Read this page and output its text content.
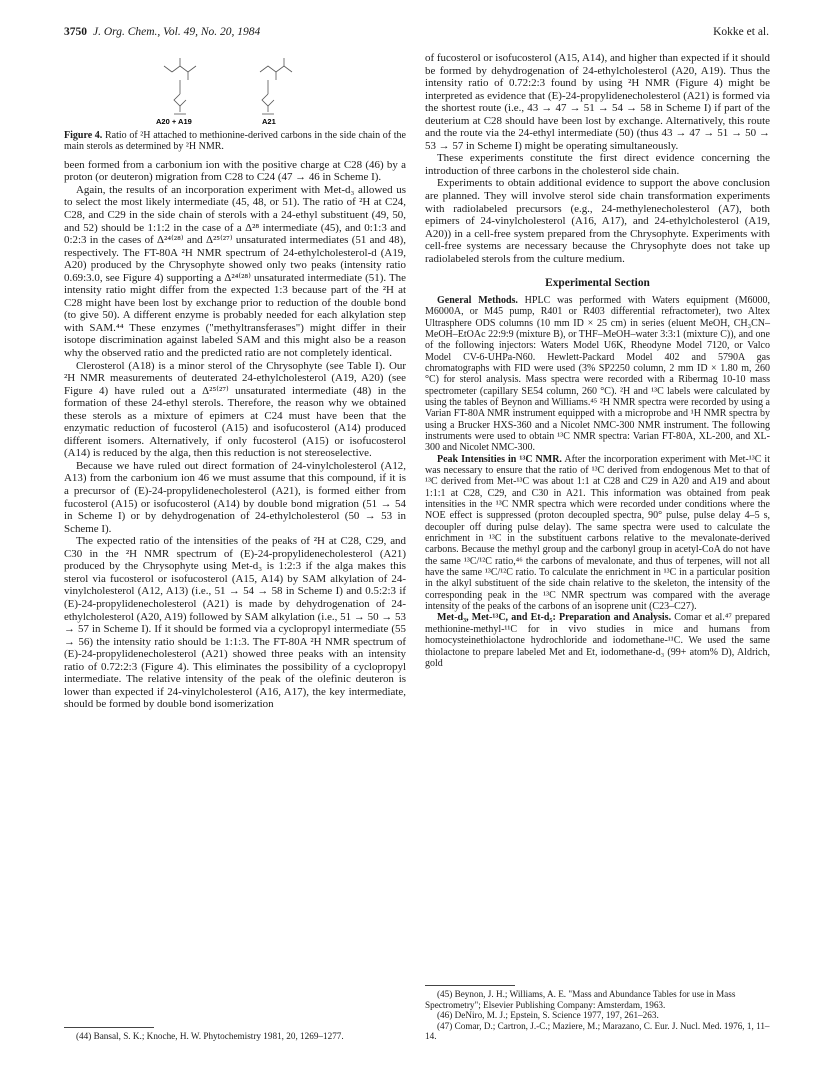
3750 J. Org. Chem., Vol. 49, No. 20, 1984	Kokke et al.
A20 + A19	A21

Figure 4. Ratio of ²H attached to methionine-derived carbons in the side chain of the main sterols as determined by ²H NMR.

been formed from a carbonium ion with the positive charge at C28 (46) by a proton (or deuteron) migration from C28 to C24 (47 → 46 in Scheme I).

Again, the results of an incorporation experiment with Met-d₃ allowed us to select the most likely intermediate (45, 48, or 51). The ratio of ²H at C24, C28, and C29 in the side chain of sterols with a 24-ethyl substituent (49, 50, and 52) should be 1:1:2 in the case of a Δ²⁸ intermediate (45), and 0:1:3 and 0:2:3 in the cases of Δ²⁴⁽²⁸⁾ and Δ²⁵⁽²⁷⁾ unsaturated intermediates (51 and 48), respectively. The FT-80A ²H NMR spectrum of 24-ethylcholesterol-d (A19, A20) produced by the Chrysophyte showed only two peaks (intensity ratio 0.69:3.0, see Figure 4) supporting a Δ²⁴⁽²⁸⁾ unsaturated intermediate (51). The intensity ratio might differ from the expected 1:3 because part of the ²H at C28 might have been lost by exchange prior to reduction of the double bond (to give 50). A different enzyme is probably needed for each alkylation step with SAM.⁴⁴ These enzymes ("methyltransferases") might differ in their isotope discrimination against labeled SAM and this might also be a reason why the observed ratio and the predicted ratio are not completely identical.

Clerosterol (A18) is a minor sterol of the Chrysophyte (see Table I). Our ²H NMR measurements of deuterated 24-ethylcholesterol (A19, A20) (see Figure 4) have ruled out a Δ²⁵⁽²⁷⁾ unsaturated intermediate (48) in the formation of these 24-ethyl sterols. Therefore, the reason why we obtained these sterols as a mixture of epimers at C24 must have been that the enzymatic reduction of fucosterol (A15) and isofucosterol (A14) produced different isomers. Alternatively, if only fucosterol (A15) or isofucosterol (A14) is reduced by the alga, then this reduction is not stereoselective.

Because we have ruled out direct formation of 24-vinylcholesterol (A12, A13) from the carbonium ion 46 we must assume that this compound, if it is a precursor of (E)-24-propylidenecholesterol (A21), is formed either from fucosterol (A15) or isofucosterol (A14) by double bond migration (51 → 54 in Scheme I) or by dehydrogenation of 24-ethylcholesterol (50 → 53 in Scheme I).

The expected ratio of the intensities of the peaks of ²H at C28, C29, and C30 in the ²H NMR spectrum of (E)-24-propylidenecholesterol (A21) produced by the Chrysophyte using Met-d₃ is 1:2:3 if the alga makes this sterol via fucosterol or isofucosterol (A15, A14) by SAM alkylation of 24-vinylcholesterol (A12, A13) (i.e., 51 → 54 → 58 in Scheme I) and 0.5:2:3 if (E)-24-propylidenecholesterol (A21) is made by dehydrogenation of 24-ethylcholesterol (A20, A19) followed by SAM alkylation (i.e., 51 → 50 → 53 → 57 in Scheme I). If it should be formed via a cyclopropyl intermediate (55 → 56) the intensity ratio should be 1:1:3. The FT-80A ²H NMR spectrum of (E)-24-propylidenecholesterol (A21) showed three peaks with an intensity ratio of 0.72:2:3 (Figure 4). This eliminates the possibility of a cyclopropyl intermediate. The relative intensity of the peak of the olefinic deuteron is lower than expected if 24-vinylcholesterol (A16, A17), the key intermediate, should be formed by double bond isomerization

(44) Bansal, S. K.; Knoche, H. W. Phytochemistry 1981, 20, 1269–1277.

of fucosterol or isofucosterol (A15, A14), and higher than expected if it should be formed by dehydrogenation of 24-ethylcholesterol (A20, A19). Thus the intensity ratio of 0.72:2:3 found by using ²H NMR (Figure 4) might be interpreted as evidence that (E)-24-propylidenecholesterol (A21) is formed via the shortest route (i.e., 43 → 47 → 51 → 54 → 58 in Scheme I) if part of the deuterium at C28 should have been lost by exchange. Alternatively, this route and the route via the 24-ethyl intermediate (50) (thus 43 → 47 → 51 → 50 → 53 → 57 in Scheme I) might be operating simultaneously.

These experiments constitute the first direct evidence concerning the introduction of three carbons in the cholesterol side chain.

Experiments to obtain additional evidence to support the above conclusion are planned. They will involve sterol side chain transformation experiments with radiolabeled precursors (e.g., 24-methylenecholesterol (A7), both epimers of 24-vinylcholesterol (A16, A17), and 24-ethylcholesterol (A19, A20)) in a cell-free system prepared from the Chrysophyte. Experiments with cell-free systems are necessary because the Chrysophyte does not take up radiolabeled sterols from the culture medium.

Experimental Section

General Methods. HPLC was performed with Waters equipment (M6000, M6000A, or M45 pump, R401 or R403 differential refractometer), two Altex Ultrasphere ODS columns (10 mm ID × 25 cm) in series (eluent MeOH, CH₃CN–MeOH–EtOAc 22:9:9 (mixture B), or THF–MeOH–water 3:3:1 (mixture C)), and one of the following injectors: Waters Model U6K, Rheodyne Model 7120, or Valco Model CV-6-UHPa-N60. Hewlett-Packard Model 402 and 5790A gas chromatographs with FID were used (3% SP2250 column, 2 mm ID × 1.80 m, 260 °C) for sterol analysis. Mass spectra were recorded with a Ribermag 10-10 mass spectrometer (capillary SE54 column, 260 °C). ²H and ¹³C labels were calculated by using the tables of Beynon and Williams.⁴⁵ ²H NMR spectra were recorded by using a Varian FT-80A NMR instrument equipped with a microprobe and ¹H NMR spectra by using a Brucker HXS-360 and a Nicolet NMC-300 NMR instrument. The following instruments were used to obtain ¹³C NMR spectra: Varian FT-80A, XL-200, and XL-300 and Nicolet NMC-300.

Peak Intensities in ¹³C NMR. After the incorporation experiment with Met-¹³C it was necessary to ensure that the ratio of ¹³C derived from endogenous Met to that of ¹³C derived from Met-¹³C was about 1:1 at C28 and C29 in A20 and A19 and about 1:1:1 at C28, C29, and C30 in A21. This information was obtained from peak intensities in the ¹³C NMR spectra which were recorded under conditions where the NOE effect is suppressed (proton decoupled spectra, 90° pulse, pulse delay 4–5 s, decoupler off during pulse delay). The same spectra were used to calculate the enrichment in ¹³C in the substituent carbons relative to the mevalonate-derived carbons. Because the methyl group and the carbonyl group in acetyl-CoA do not have the same ¹³C/¹²C ratio,⁴⁶ the carbons of mevalonate, and thus of terpenes, will not all have the same ¹³C/¹²C ratio. To calculate the enrichment in ¹³C in a particular position in the alkyl substituent of the side chain relative to the skeleton, the intensity of the corresponding peak in the ¹³C NMR spectrum was compared with the average intensity of the peaks of the carbons of an isoprene unit (C23–C27).

Met-d₃, Met-¹³C, and Et-d₅: Preparation and Analysis. Comar et al.⁴⁷ prepared methionine-methyl-¹¹C for in vivo studies in mice and humans from homocysteinethiolactone hydrochloride and iodomethane-¹¹C. We used the same thiolactone to prepare labeled Met and Et, iodomethane-d₃ (99+ atom% D), Aldrich, gold

(45) Beynon, J. H.; Williams, A. E. "Mass and Abundance Tables for use in Mass Spectrometry"; Elsevier Publishing Company: Amsterdam, 1963.

(46) DeNiro, M. J.; Epstein, S. Science 1977, 197, 261–263.

(47) Comar, D.; Cartron, J.-C.; Maziere, M.; Marazano, C. Eur. J. Nucl. Med. 1976, 1, 11–14.
